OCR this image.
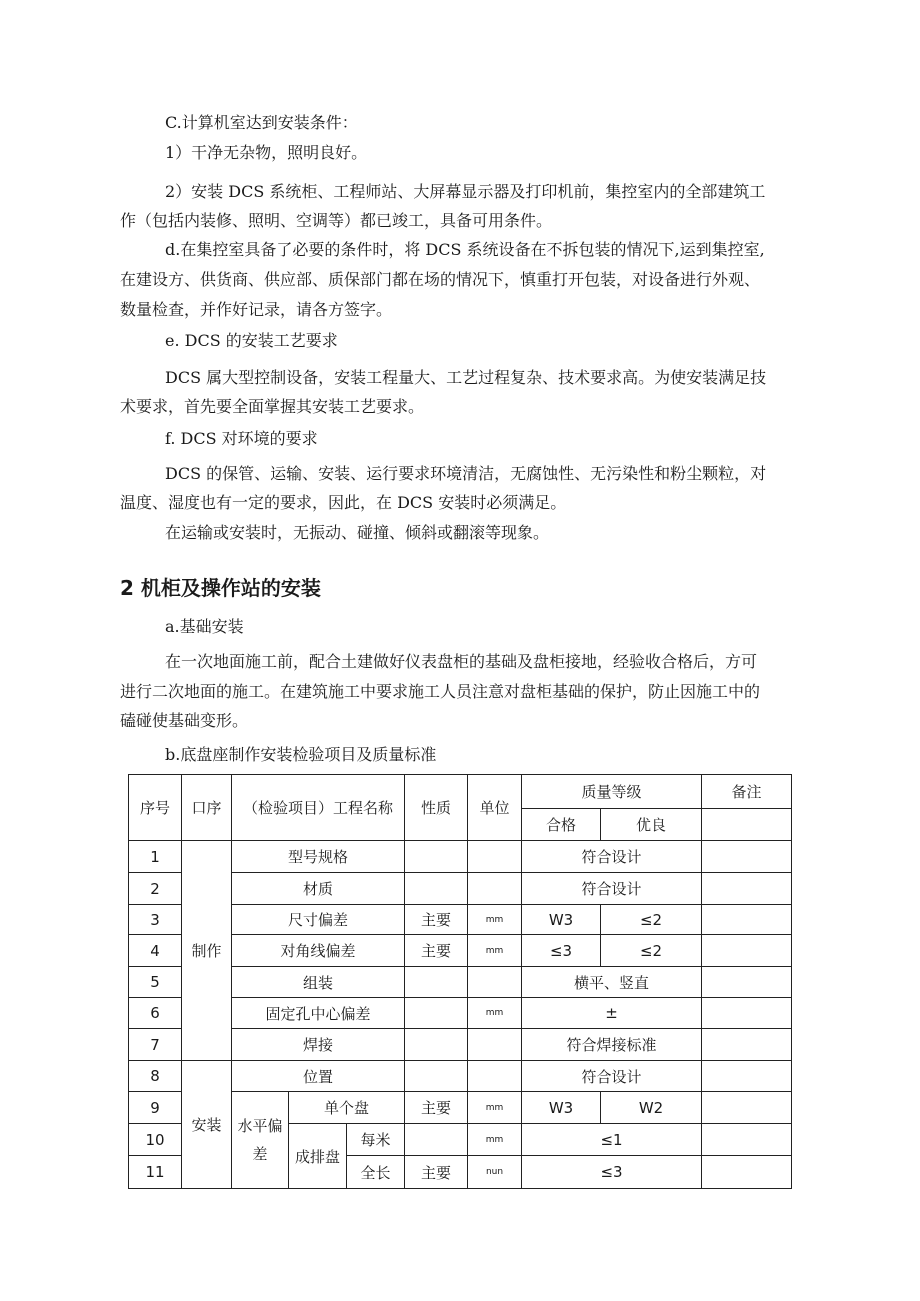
C.计算机室达到安装条件：
1）干净无杂物，照明良好。
2）安装 DCS 系统柜、工程师站、大屏幕显示器及打印机前，集控室内的全部建筑工
作（包括内装修、照明、空调等）都已竣工，具备可用条件。
d.在集控室具备了必要的条件时，将 DCS 系统设备在不拆包装的情况下,运到集控室,
在建设方、供货商、供应部、质保部门都在场的情况下，慎重打开包装，对设备进行外观、
数量检查，并作好记录，请各方签字。
e. DCS 的安装工艺要求
DCS 属大型控制设备，安装工程量大、工艺过程复杂、技术要求高。为使安装满足技
术要求，首先要全面掌握其安装工艺要求。
f. DCS 对环境的要求
DCS 的保管、运输、安装、运行要求环境清洁，无腐蚀性、无污染性和粉尘颗粒，对
温度、湿度也有一定的要求，因此，在 DCS 安装时必须满足。
在运输或安装时，无振动、碰撞、倾斜或翻滚等现象。
2 机柜及操作站的安装
a.基础安装
在一次地面施工前，配合土建做好仪表盘柜的基础及盘柜接地，经验收合格后，方可
进行二次地面的施工。在建筑施工中要求施工人员注意对盘柜基础的保护，防止因施工中的
磕碰使基础变形。
b.底盘座制作安装检验项目及质量标准
序号	口序	（检验项目）工程名称			性质	单位	质量等级		备注
							合格	优良	
1	制作	型号规格					符合设计		
2		材质					符合设计		
3		尺寸偏差			主要	mm	W3	≤2	
4		对角线偏差			主要	mm	≤3	≤2	
5		组装					横平、竖直		
6		固定孔中心偏差				mm	±		
7		焊接					符合焊接标准		
8	安装	位置					符合设计		
9		水平偏差	单个盘		主要	mm	W3	W2	
10			成排盘	每米		mm	≤1		
11				全长	主要	nun	≤3		
